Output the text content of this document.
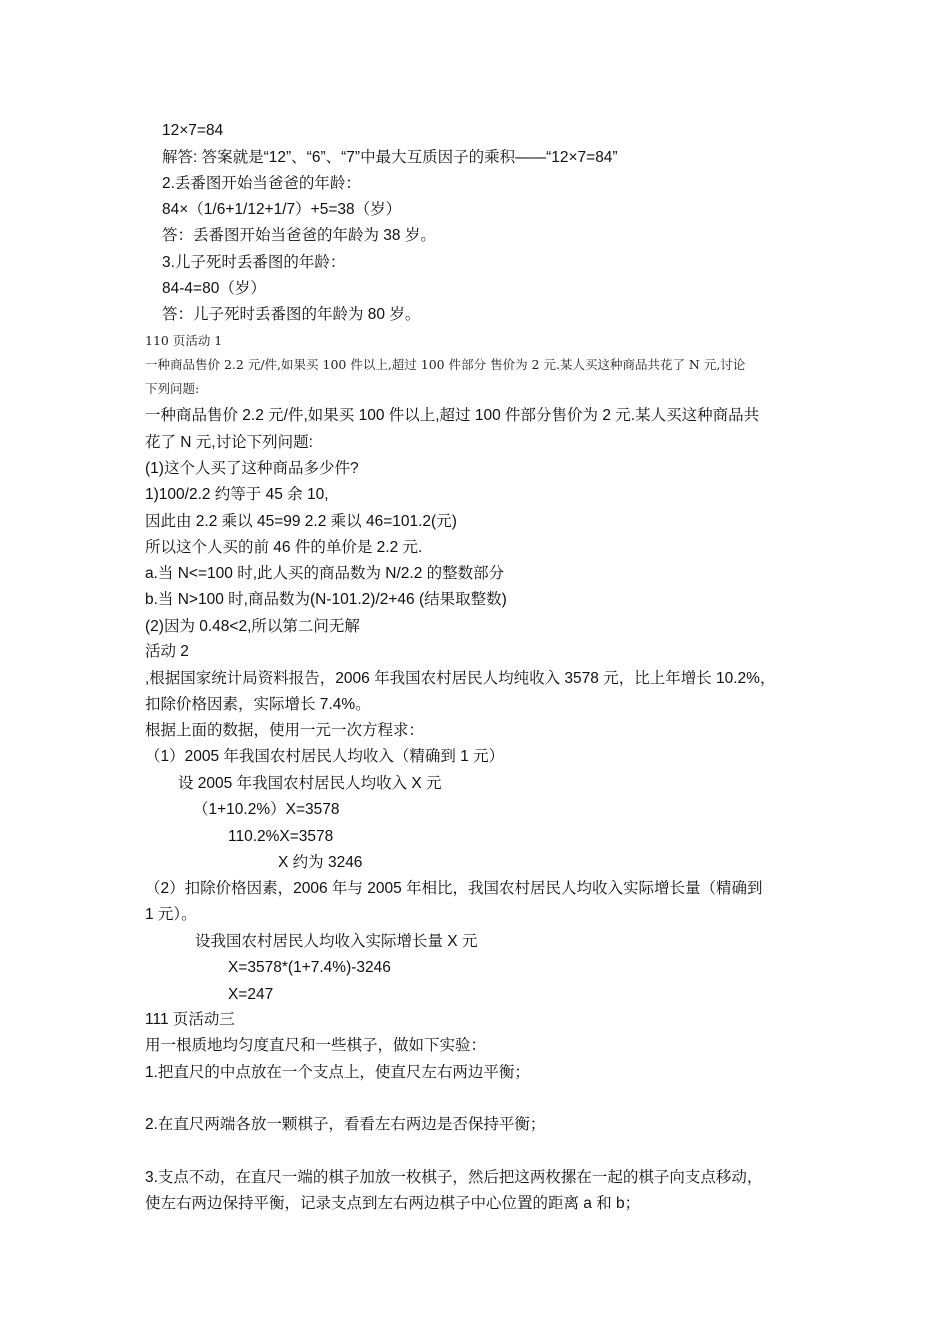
12×7=84
解答: 答案就是“12”、“6”、“7”中最大互质因子的乘积——“12×7=84”
2.丢番图开始当爸爸的年龄：
84×（1/6+1/12+1/7）+5=38（岁）
答：丢番图开始当爸爸的年龄为 38 岁。
3.儿子死时丢番图的年龄：
84-4=80（岁）
答：儿子死时丢番图的年龄为 80 岁。
110 页活动 1
一种商品售价 2.2 元/件,如果买 100 件以上,超过 100 件部分 售价为 2 元.某人买这种商品共花了 N 元,讨论
下列问题:
一种商品售价 2.2 元/件,如果买 100 件以上,超过 100 件部分售价为 2 元.某人买这种商品共
花了 N 元,讨论下列问题:
(1)这个人买了这种商品多少件?
1)100/2.2 约等于 45 余 10,
因此由 2.2 乘以 45=99 2.2 乘以 46=101.2(元)
所以这个人买的前 46 件的单价是 2.2 元.
a.当 N<=100 时,此人买的商品数为 N/2.2 的整数部分
b.当 N>100 时,商品数为(N-101.2)/2+46 (结果取整数)
(2)因为 0.48<2,所以第二问无解
活动 2
,根据国家统计局资料报告，2006 年我国农村居民人均纯收入 3578 元，比上年增长 10.2%，
扣除价格因素，实际增长 7.4%。
根据上面的数据，使用一元一次方程求：
（1）2005 年我国农村居民人均收入（精确到 1 元）
设 2005 年我国农村居民人均收入 X 元
（1+10.2%）X=3578
110.2%X=3578
X 约为 3246
（2）扣除价格因素，2006 年与 2005 年相比，我国农村居民人均收入实际增长量（精确到
1 元）。
设我国农村居民人均收入实际增长量 X 元
X=3578*(1+7.4%)-3246
X=247
111 页活动三
用一根质地均匀度直尺和一些棋子，做如下实验：
1.把直尺的中点放在一个支点上，使直尺左右两边平衡；
2.在直尺两端各放一颗棋子，看看左右两边是否保持平衡；
3.支点不动，在直尺一端的棋子加放一枚棋子，然后把这两枚摞在一起的棋子向支点移动，
使左右两边保持平衡，记录支点到左右两边棋子中心位置的距离 a 和 b；
